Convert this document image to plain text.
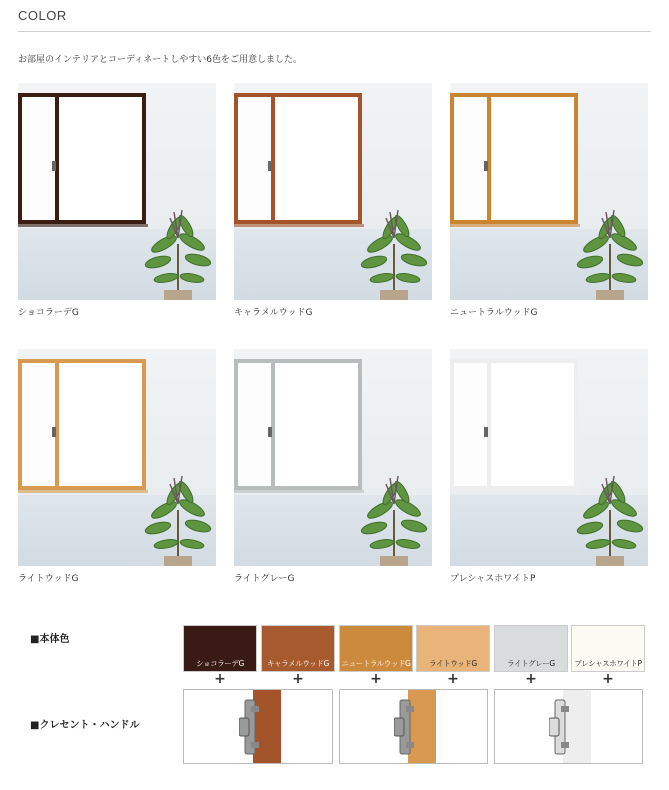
COLOR
お部屋のインテリアとコーディネートしやすい6色をご用意しました。
ショコラーデG	キャラメルウッドG	ニュートラルウッドG
ライトウッドG	ライトグレーG	プレシャスホワイトP
■本体色
■クレセント・ハンドル
ショコラーデG
+
キャラメルウッドG
+
ニュートラルウッドG
+
ライトウッドG
+
ライトグレーG
+
プレシャスホワイトP
+
